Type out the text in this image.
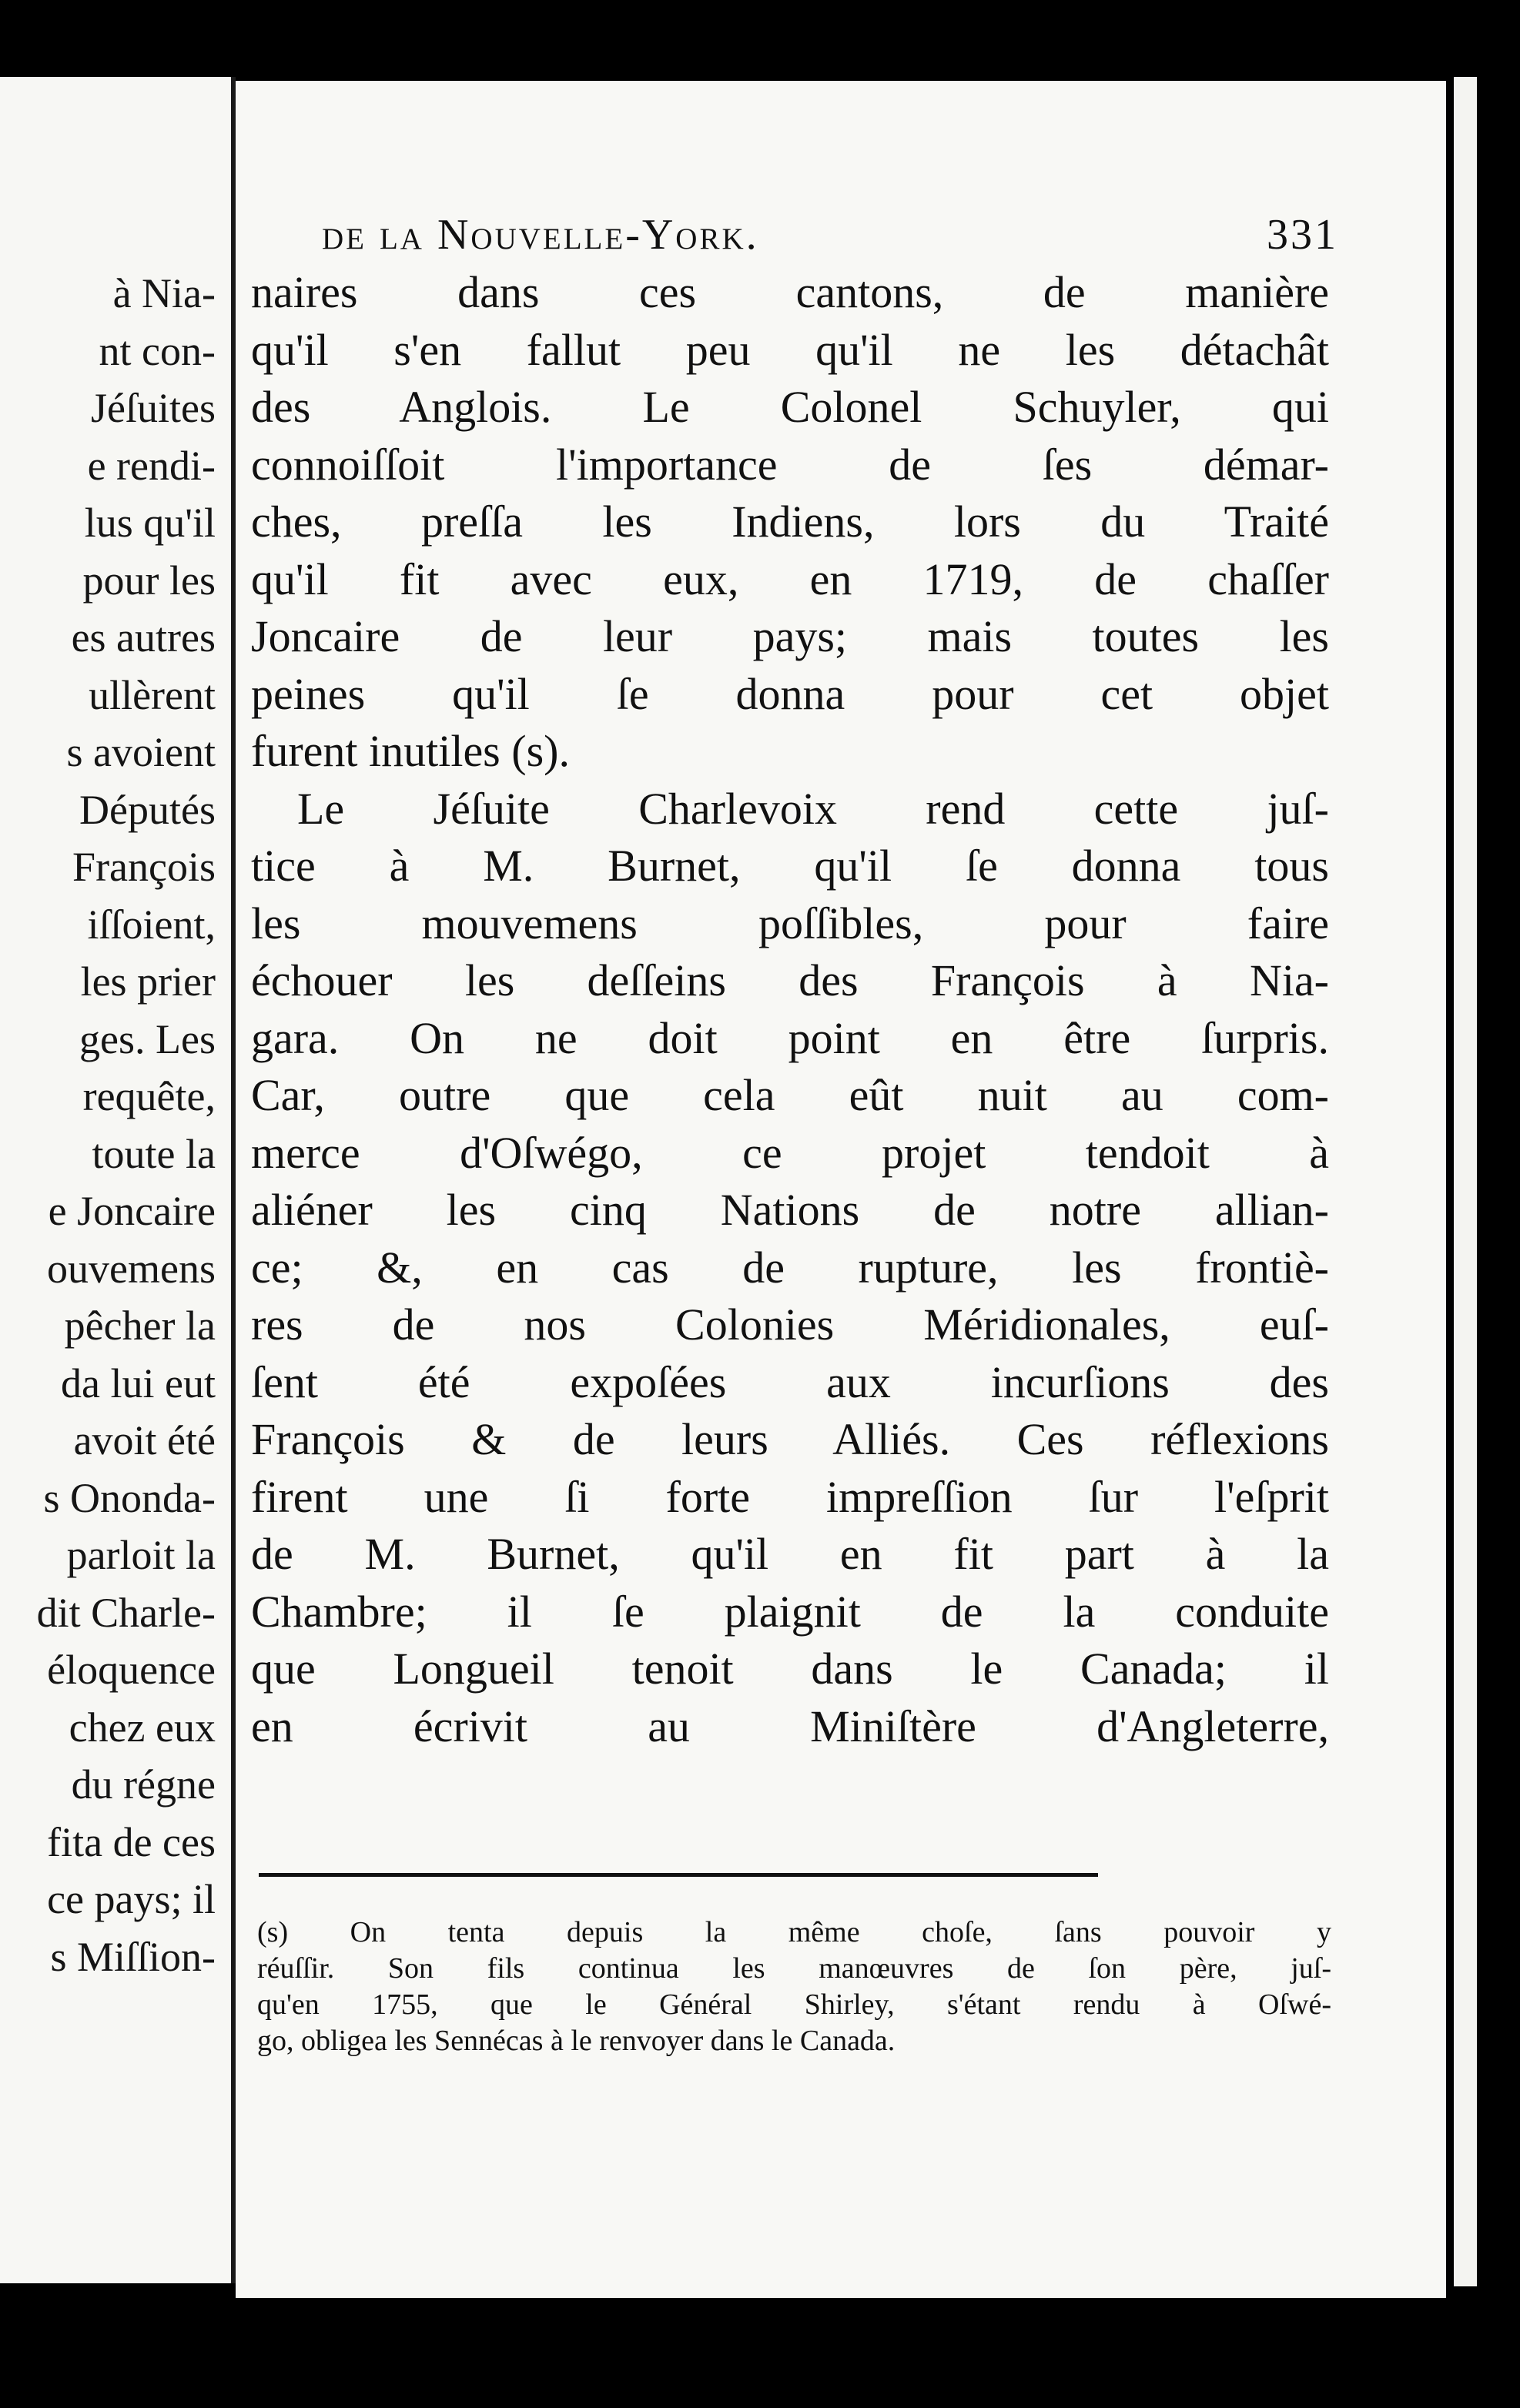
à Nia-
nt con-
Jéſuites
e rendi-
lus qu'il
pour les
es autres
ullèrent
s avoient
Députés
François
iſſoient,
les prier
ges. Les
requête,
toute la
e Joncaire
ouvemens
pêcher la
da lui eut
avoit été
s Ononda-
parloit la
dit Charle-
éloquence
chez eux
du régne
fita de ces
ce pays; il
s Miſſion-
de la Nouvelle-York.	331
naires dans ces cantons, de manière
qu'il s'en fallut peu qu'il ne les détachât
des Anglois. Le Colonel Schuyler, qui
connoiſſoit l'importance de ſes démar-
ches, preſſa les Indiens, lors du Traité
qu'il fit avec eux, en 1719, de chaſſer
Joncaire de leur pays; mais toutes les
peines qu'il ſe donna pour cet objet
furent inutiles (s).
Le Jéſuite Charlevoix rend cette juſ-
tice à M. Burnet, qu'il ſe donna tous
les mouvemens poſſibles, pour faire
échouer les deſſeins des François à Nia-
gara. On ne doit point en être ſurpris.
Car, outre que cela eût nuit au com-
merce d'Oſwégo, ce projet tendoit à
aliéner les cinq Nations de notre allian-
ce; &, en cas de rupture, les frontiè-
res de nos Colonies Méridionales, euſ-
ſent été expoſées aux incurſions des
François & de leurs Alliés. Ces réflexions
firent une ſi forte impreſſion ſur l'eſprit
de M. Burnet, qu'il en fit part à la
Chambre; il ſe plaignit de la conduite
que Longueil tenoit dans le Canada; il
en écrivit au Miniſtère d'Angleterre,
(s) On tenta depuis la même choſe, ſans pouvoir y
réuſſir. Son fils continua les manœuvres de ſon père, juſ-
qu'en 1755, que le Général Shirley, s'étant rendu à Oſwé-
go, obligea les Sennécas à le renvoyer dans le Canada.
